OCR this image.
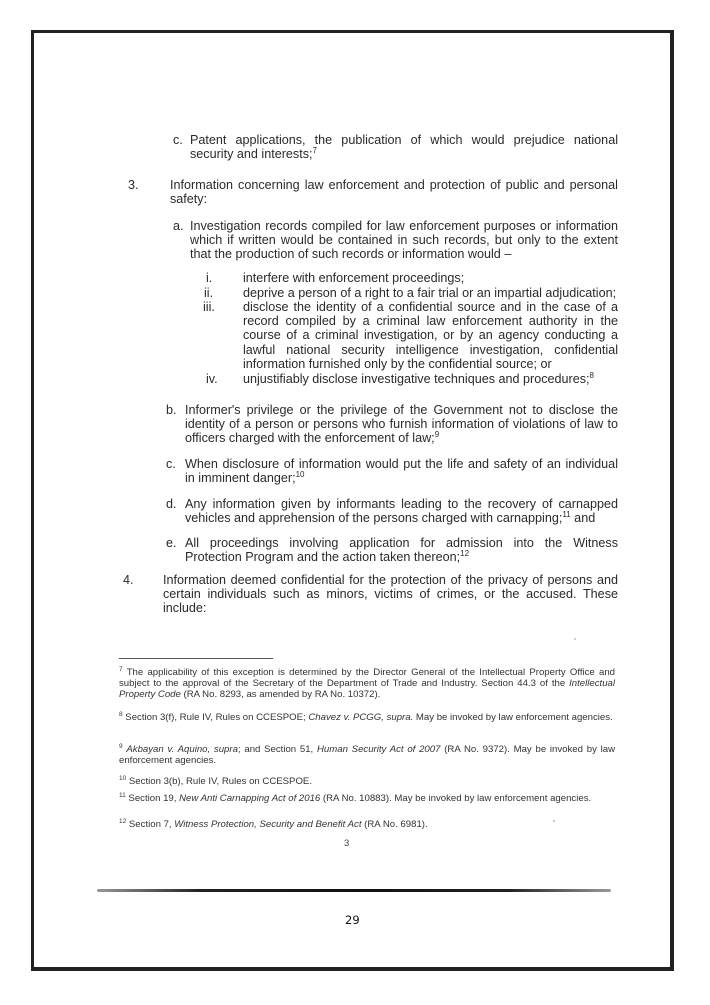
c. Patent applications, the publication of which would prejudice national security and interests;$^7$

3. Information concerning law enforcement and protection of public and personal safety:

a. Investigation records compiled for law enforcement purposes or information which if written would be contained in such records, but only to the extent that the production of such records or information would –

i. interfere with enforcement proceedings;

ii. deprive a person of a right to a fair trial or an impartial adjudication;

iii. disclose the identity of a confidential source and in the case of a record compiled by a criminal law enforcement authority in the course of a criminal investigation, or by an agency conducting a lawful national security intelligence investigation, confidential information furnished only by the confidential source; or

iv. unjustifiably disclose investigative techniques and procedures;$^8$

b. Informer's privilege or the privilege of the Government not to disclose the identity of a person or persons who furnish information of violations of law to officers charged with the enforcement of law;$^9$

c. When disclosure of information would put the life and safety of an individual in imminent danger;$^{10}$

d. Any information given by informants leading to the recovery of carnapped vehicles and apprehension of the persons charged with carnapping;$^{11}$ and

e. All proceedings involving application for admission into the Witness Protection Program and the action taken thereon;$^{12}$

4. Information deemed confidential for the protection of the privacy of persons and certain individuals such as minors, victims of crimes, or the accused. These include:

$^7$ The applicability of this exception is determined by the Director General of the Intellectual Property Office and subject to the approval of the Secretary of the Department of Trade and Industry. Section 44.3 of the Intellectual Property Code (RA No. 8293, as amended by RA No. 10372).

$^8$ Section 3(f), Rule IV, Rules on CCESPOE; Chavez v. PCGG, supra. May be invoked by law enforcement agencies.

$^9$ Akbayan v. Aquino, supra; and Section 51, Human Security Act of 2007 (RA No. 9372). May be invoked by law enforcement agencies.

$^{10}$ Section 3(b), Rule IV, Rules on CCESPOE.

$^{11}$ Section 19, New Anti Carnapping Act of 2016 (RA No. 10883). May be invoked by law enforcement agencies.

$^{12}$ Section 7, Witness Protection, Security and Benefit Act (RA No. 6981).

3
29
